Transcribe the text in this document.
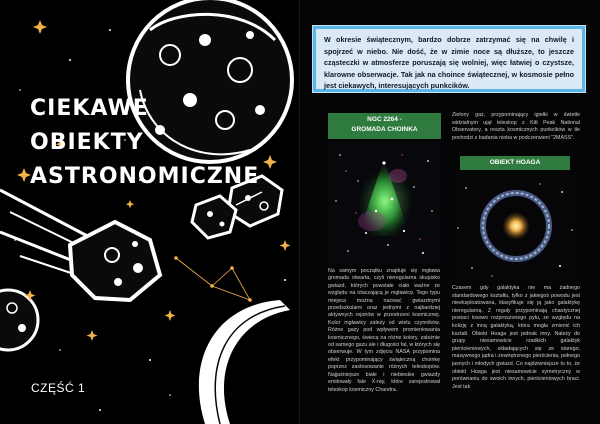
CIEKAWE
OBIEKTY
ASTRONOMICZNE
CZĘŚĆ 1
W okresie świątecznym, bardzo dobrze zatrzymać się na chwilę i spojrzeć w niebo. Nie dość, że w zimie noce są dłuższe, to jeszcze cząsteczki w atmosferze poruszają się wolniej, więc łatwiej o czystsze, klarowne obserwacje. Tak jak na choince świątecznej, w kosmosie pełno jest ciekawych, interesujących punkcików.
NGC 2264 -
GROMADA CHOINKA
Zielony gaz, przypominający igiełki w świetle widzialnym ujął teleskop z Kitt Peak National Observatory, a reszta kosmicznych punkcików w tle pochodzi z badania nieba w podczerwieni "2MASS".
OBIEKT HOAGA
Na samym początku znajduje się mgława gromada otwarta, czyli nieregularna skupisko gwiazd, których powstałe ciało ważne ze względu na otaczającą je mgławicę. Tego typu miejsca można nazwać gwiazdnymi przedszkolami oraz jednymi z najbardziej aktywnych rejonów w przestrzeni kosmicznej. Kolor mgławicy zależy od wielu czynników. Różne gazy pod wpływem promieniowania kosmicznego, świecą na różne kolory, zależnie od samego gazu ale i długości fal, w których się obserwuje. W tym zdjęciu NASA przypomina efekt przypominający świąteczną choinkę poprzez zastosowanie różnych teleskopów. Najjaśniejsze białe i niebieskie gwiazdy emitowały fale X-ray, które zarejestrował teleskop kosmiczny Chandra.
Czasem gdy galaktyka nie ma żadnego standardowego kształtu, tylko z jakiegoś powodu jest nieeksploatowana, klasyfikuje się ją jako galaktykę nieregularną. Z reguły przypominają chaotycznej postaci losowo rozproszonego pyłu, ze względu na kolizję z inną galaktyką, która mogła zmienić ich kształt. Obiekt Hoaga jest jednak inny. Należy do grupy niesamowicie rzadkich galaktyk pierścieniowych, składających się ze starego, masywnego jądra i zewnętrznego pierścienia, pełnego jasnych i młodych gwiazd. Co najdziwniejsze to to, że obiekt Hoaga jest niesamowicie symetryczny w porównaniu do swoich innych, pierścieniowych braci. Jest tak
